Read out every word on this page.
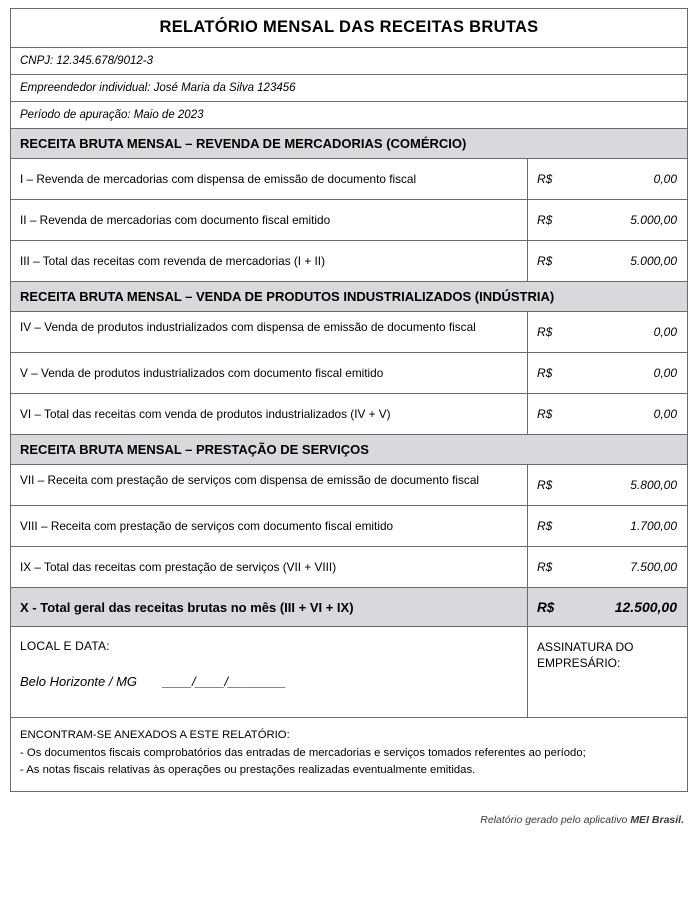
RELATÓRIO MENSAL DAS RECEITAS BRUTAS
CNPJ: 12.345.678/9012-3
Empreendedor individual: José Maria da Silva 123456
Período de apuração: Maio de 2023
RECEITA BRUTA MENSAL – REVENDA DE MERCADORIAS (COMÉRCIO)
I – Revenda de mercadorias com dispensa de emissão de documento fiscal	R$	0,00
II – Revenda de mercadorias com documento fiscal emitido	R$	5.000,00
III – Total das receitas com revenda de mercadorias (I + II)	R$	5.000,00
RECEITA BRUTA MENSAL – VENDA DE PRODUTOS INDUSTRIALIZADOS (INDÚSTRIA)
IV – Venda de produtos industrializados com dispensa de emissão de documento fiscal	R$	0,00
V – Venda de produtos industrializados com documento fiscal emitido	R$	0,00
VI – Total das receitas com venda de produtos industrializados (IV + V)	R$	0,00
RECEITA BRUTA MENSAL – PRESTAÇÃO DE SERVIÇOS
VII – Receita com prestação de serviços com dispensa de emissão de documento fiscal	R$	5.800,00
VIII – Receita com prestação de serviços com documento fiscal emitido	R$	1.700,00
IX – Total das receitas com prestação de serviços (VII + VIII)	R$	7.500,00
X - Total geral das receitas brutas no mês (III + VI + IX)	R$	12.500,00
LOCAL E DATA:
Belo Horizonte / MG ____/____/________
ASSINATURA DO EMPRESÁRIO:
ENCONTRAM-SE ANEXADOS A ESTE RELATÓRIO:
- Os documentos fiscais comprobatórios das entradas de mercadorias e serviços tomados referentes ao período;
- As notas fiscais relativas às operações ou prestações realizadas eventualmente emitidas.
Relatório gerado pelo aplicativo MEI Brasil.
